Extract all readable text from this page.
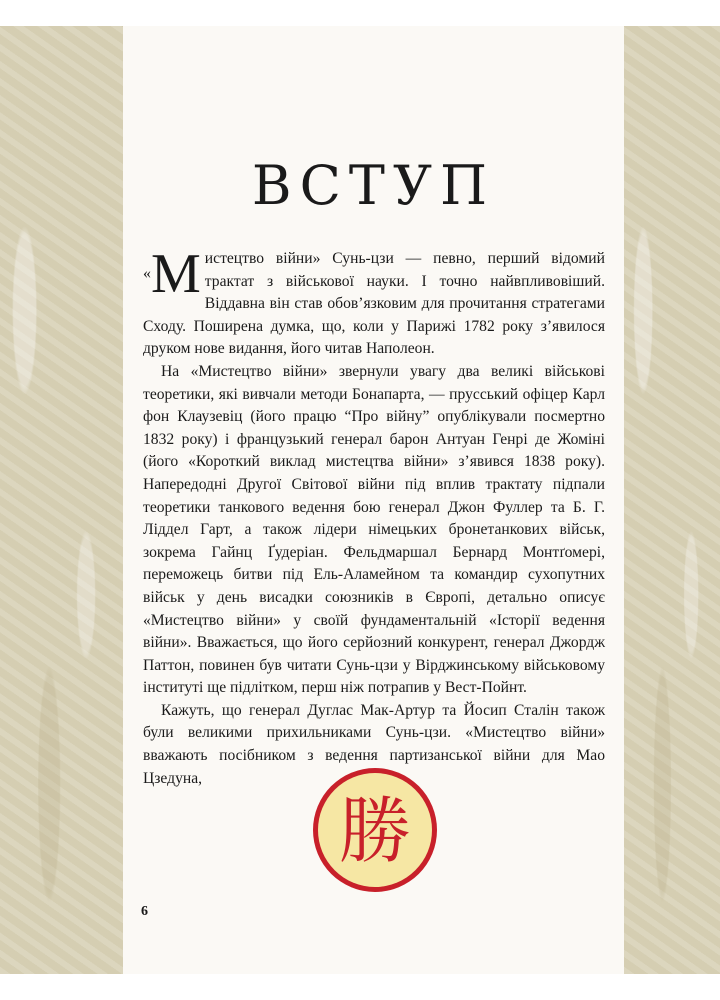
ВСТУП

«М истецтво війни» Сунь-цзи — певно, перший відомий трактат з військової науки. І точно найвпливовіший. Віддавна він став обов’язковим для прочитання стратегами Сходу. Поширена думка, що, коли у Парижі 1782 року з’явилося друком нове видання, його читав Наполеон.

На «Мистецтво війни» звернули увагу два великі військові теоретики, які вивчали методи Бонапарта, — прусський офіцер Карл фон Клаузевіц (його працю “Про війну” опублікували посмертно 1832 року) і французький генерал барон Антуан Генрі де Жоміні (його «Короткий виклад мистецтва війни» з’явився 1838 року). Напередодні Другої Світової війни під вплив трактату підпали теоретики танкового ведення бою генерал Джон Фуллер та Б. Г. Ліддел Гарт, а також лідери німецьких бронетанкових військ, зокрема Гайнц Ґудеріан. Фельдмаршал Бернард Монтґомері, переможець битви під Ель-Аламейном та командир сухопутних військ у день висадки союзників в Європі, детально описує «Мистецтво війни» у своїй фундаментальній «Історії ведення війни». Вважається, що його серйозний конкурент, генерал Джордж Паттон, повинен був читати Сунь-цзи у Вірджинському військовому інституті ще підлітком, перш ніж потрапив у Вест-Пойнт.

Кажуть, що генерал Дуглас Мак-Артур та Йосип Сталін також були великими прихильниками Сунь-цзи. «Мистецтво війни» вважають посібником з ведення партизанської війни для Мао Цзедуна,

勝
6
